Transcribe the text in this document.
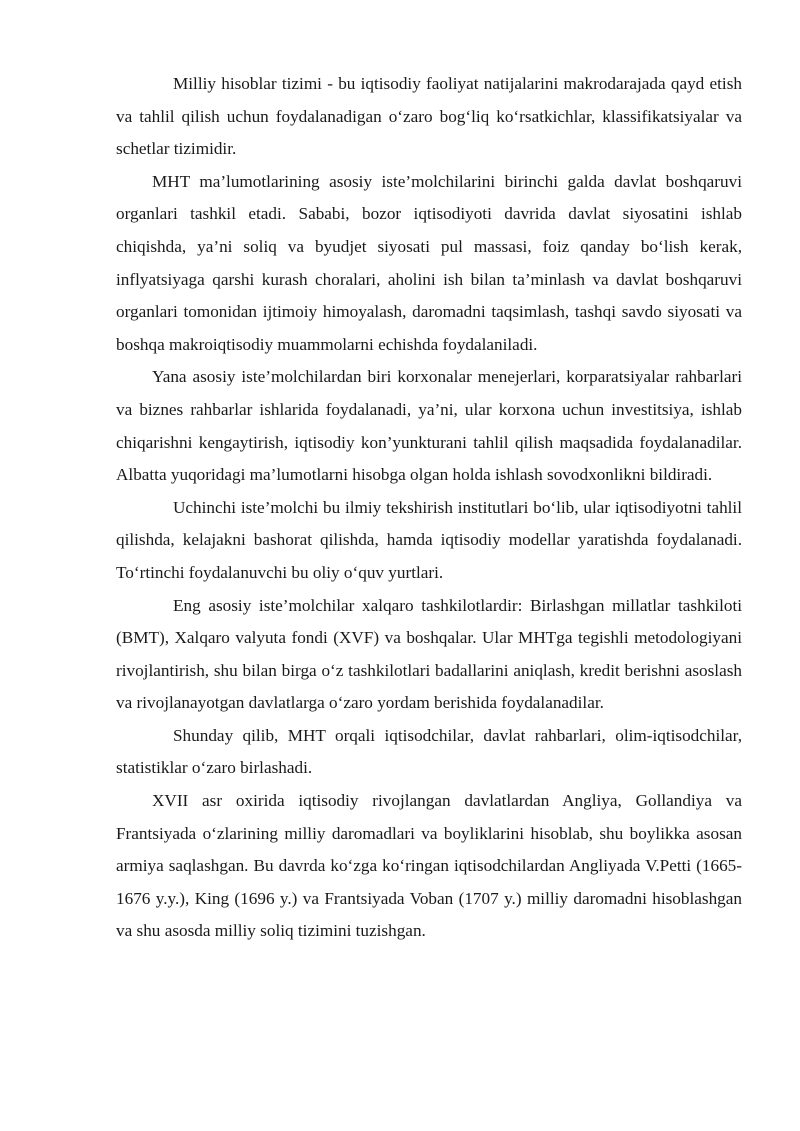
Milliy hisoblar tizimi - bu iqtisodiy faoliyat natijalarini makrodarajada qayd etish va tahlil qilish uchun foydalanadigan o‘zaro bog‘liq ko‘rsatkichlar, klassifikatsiyalar va schetlar tizimidir.

MHT ma’lumotlarining asosiy iste’molchilarini birinchi galda davlat boshqaruvi organlari tashkil etadi. Sababi, bozor iqtisodiyoti davrida davlat siyosatini ishlab chiqishda, ya’ni soliq va byudjet siyosati pul massasi, foiz qanday bo‘lish kerak, inflyatsiyaga qarshi kurash choralari, aholini ish bilan ta’minlash va davlat boshqaruvi organlari tomonidan ijtimoiy himoyalash, daromadni taqsimlash, tashqi savdo siyosati va boshqa makroiqtisodiy muammolarni echishda foydalaniladi.

Yana asosiy iste’molchilardan biri korxonalar menejerlari, korparatsiyalar rahbarlari va biznes rahbarlar ishlarida foydalanadi, ya’ni, ular korxona uchun investitsiya, ishlab chiqarishni kengaytirish, iqtisodiy kon’yunkturani tahlil qilish maqsadida foydalanadilar. Albatta yuqoridagi ma’lumotlarni hisobga olgan holda ishlash sovodxonlikni bildiradi.

Uchinchi iste’molchi bu ilmiy tekshirish institutlari bo‘lib, ular iqtisodiyotni tahlil qilishda, kelajakni bashorat qilishda, hamda iqtisodiy modellar yaratishda foydalanadi. To‘rtinchi foydalanuvchi bu oliy o‘quv yurtlari.

Eng asosiy iste’molchilar xalqaro tashkilotlardir: Birlashgan millatlar tashkiloti (BMT), Xalqaro valyuta fondi (XVF) va boshqalar. Ular MHTga tegishli metodologiyani rivojlantirish, shu bilan birga o‘z tashkilotlari badallarini aniqlash, kredit berishni asoslash va rivojlanayotgan davlatlarga o‘zaro yordam berishida foydalanadilar.

Shunday qilib, MHT orqali iqtisodchilar, davlat rahbarlari, olim-iqtisodchilar, statistiklar o‘zaro birlashadi.

XVII asr oxirida iqtisodiy rivojlangan davlatlardan Angliya, Gollandiya va Frantsiyada o‘zlarining milliy daromadlari va boyliklarini hisoblab, shu boylikka asosan armiya saqlashgan. Bu davrda ko‘zga ko‘ringan iqtisodchilardan Angliyada V.Petti (1665-1676 y.y.), King (1696 y.) va Frantsiyada Voban (1707 y.) milliy daromadni hisoblashgan va shu asosda milliy soliq tizimini tuzishgan.
